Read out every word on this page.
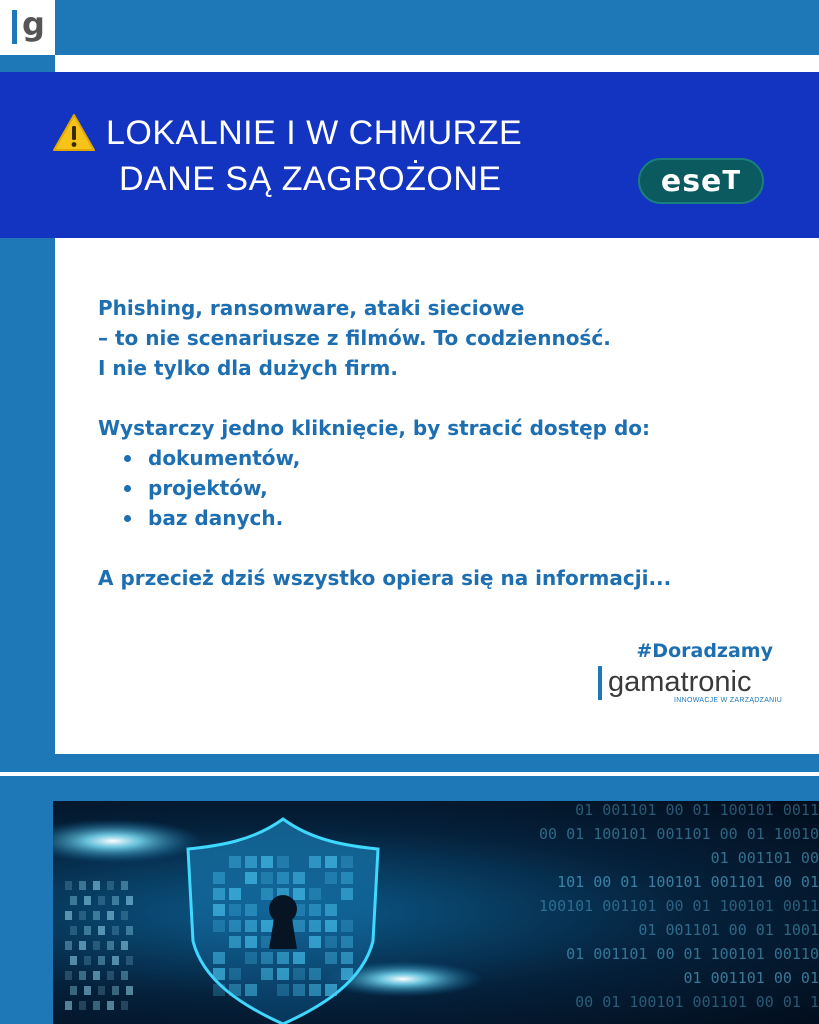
g
LOKALNIE I W CHMURZE
DANE SĄ ZAGROŻONE	es e T

Phishing, ransomware, ataki sieciowe

– to nie scenariusze z filmów. To codzienność.

I nie tylko dla dużych firm.

Wystarczy jedno kliknięcie, by stracić dostęp do:

dokumentów,
projektów,
baz danych.

A przecież dziś wszystko opiera się na informacji...

#Doradzamy
gamatronic
INNOWACJE W ZARZĄDZANIU
01 001101 00 01 100101 0011
00 01 100101 001101 00 01 10010
01 001101 00
101 00 01 100101 001101 00 01
100101 001101 00 01 100101 0011
01 001101 00 01 1001
01 001101 00 01 100101 00110
01 001101 00 01
00 01 100101 001101 00 01 1
